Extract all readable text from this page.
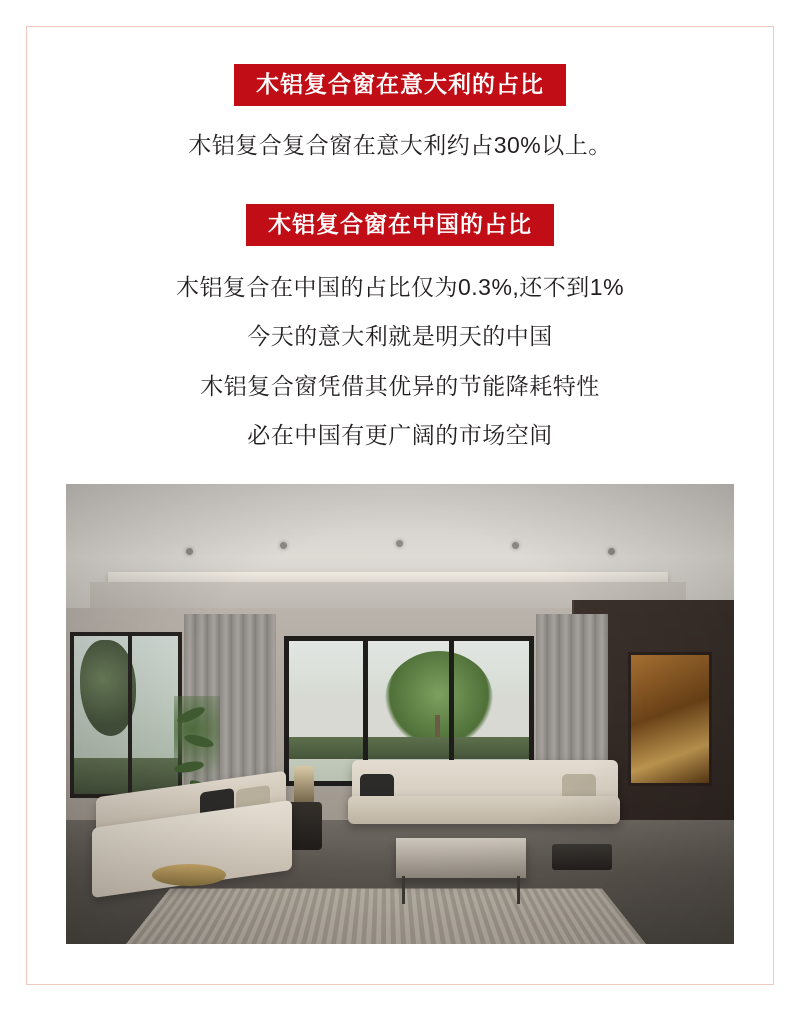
木铝复合窗在意大利的占比
木铝复合复合窗在意大利约占30%以上。
木铝复合窗在中国的占比
木铝复合在中国的占比仅为0.3%,还不到1%
今天的意大利就是明天的中国
木铝复合窗凭借其优异的节能降耗特性
必在中国有更广阔的市场空间
